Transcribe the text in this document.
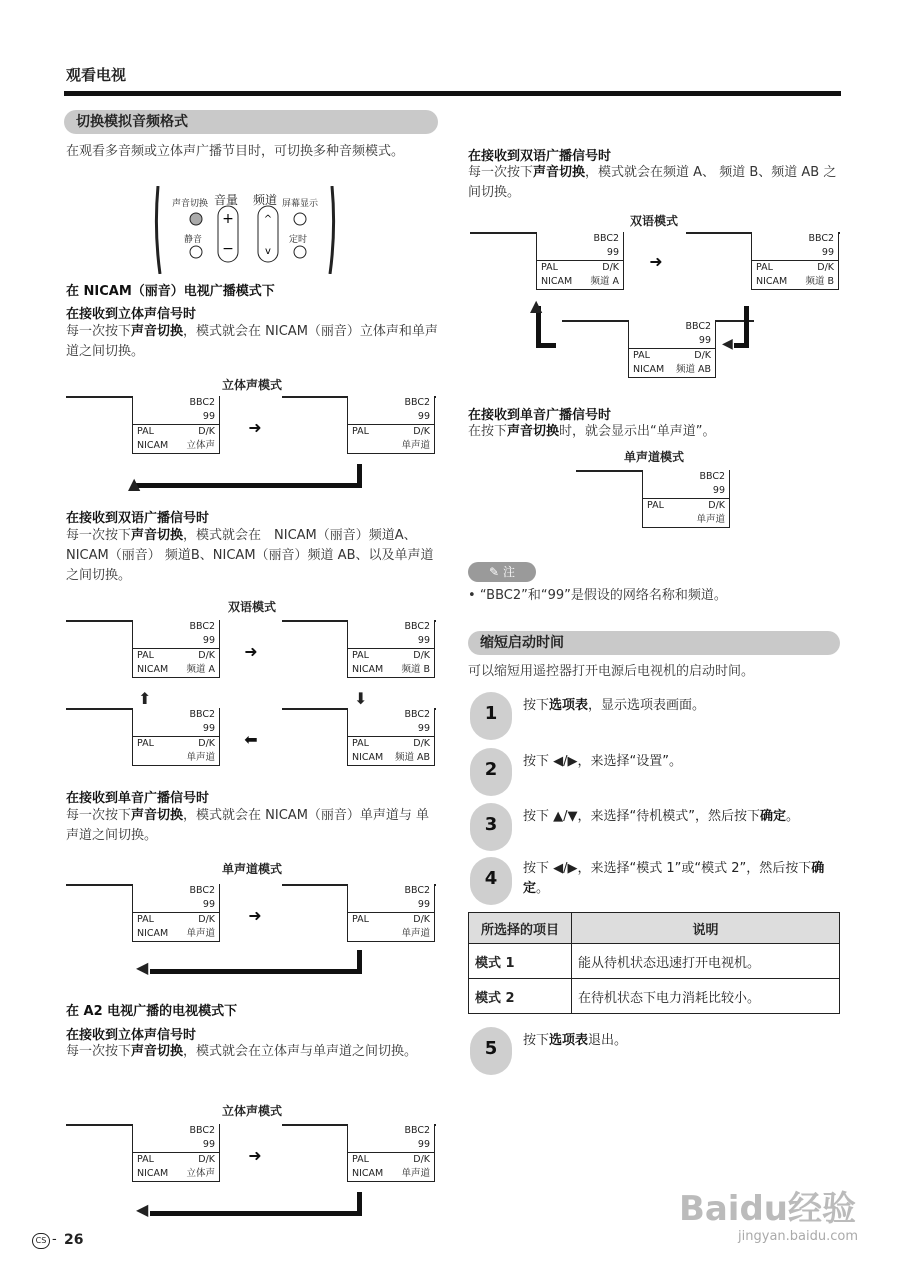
观看电视
切换模拟音频格式
在观看多音频或立体声广播节目时，可切换多种音频模式。
+
−
^
v
声音切换 音量 频道 屏幕显示
静音	定时
在 NICAM（丽音）电视广播模式下
在接收到立体声信号时
每一次按下声音切换，模式就会在 NICAM（丽音）立体声和单声道之间切换。
立体声模式
BBC2
99
PAL	D/K
NICAM 立体声
➜
BBC2
99
PAL	D/K
单声道
▲
在接收到双语广播信号时
每一次按下声音切换，模式就会在　NICAM（丽音）频道A、NICAM（丽音） 频道B、NICAM（丽音）频道 AB、以及单声道之间切换。
双语模式
BBC2
99
PAL	D/K
NICAM 频道 A
➜
BBC2
99
PAL	D/K
NICAM 频道 B
⬆	⬇
BBC2
99
PAL	D/K
单声道
⬅
BBC2
99
PAL	D/K
NICAM 频道 AB
在接收到单音广播信号时
每一次按下声音切换，模式就会在 NICAM（丽音）单声道与 单声道之间切换。
单声道模式
BBC2
99
PAL	D/K
NICAM 单声道
➜
BBC2
99
PAL	D/K
单声道
◀
在 A2 电视广播的电视模式下
在接收到立体声信号时
每一次按下声音切换，模式就会在立体声与单声道之间切换。
立体声模式
BBC2
99
PAL	D/K
NICAM 立体声
➜
BBC2
99
PAL	D/K
NICAM 单声道
◀
CS - 26
在接收到双语广播信号时
每一次按下声音切换，模式就会在频道 A、 频道 B、频道 AB 之间切换。
双语模式
BBC2
99
PAL	D/K
NICAM 频道 A
➜
BBC2
99
PAL	D/K
NICAM 频道 B
▲
BBC2
99
PAL	D/K
NICAM 频道 AB
◀
在接收到单音广播信号时
在按下声音切换时，就会显示出“单声道”。
单声道模式
BBC2
99
PAL	D/K
单声道
✎ 注
• “BBC2”和“99”是假设的网络名称和频道。
缩短启动时间
可以缩短用遥控器打开电源后电视机的启动时间。
1	按下选项表，显示选项表画面。
2	按下 ◀/▶，来选择“设置”。
3	按下 ▲/▼，来选择“待机模式”，然后按下确定。
4	按下 ◀/▶，来选择“模式 1”或“模式 2”，然后按下确定。
所选择的项目	说明
模式 1	能从待机状态迅速打开电视机。
模式 2	在待机状态下电力消耗比较小。
5	按下选项表退出。
Baidu经验
jingyan.baidu.com
